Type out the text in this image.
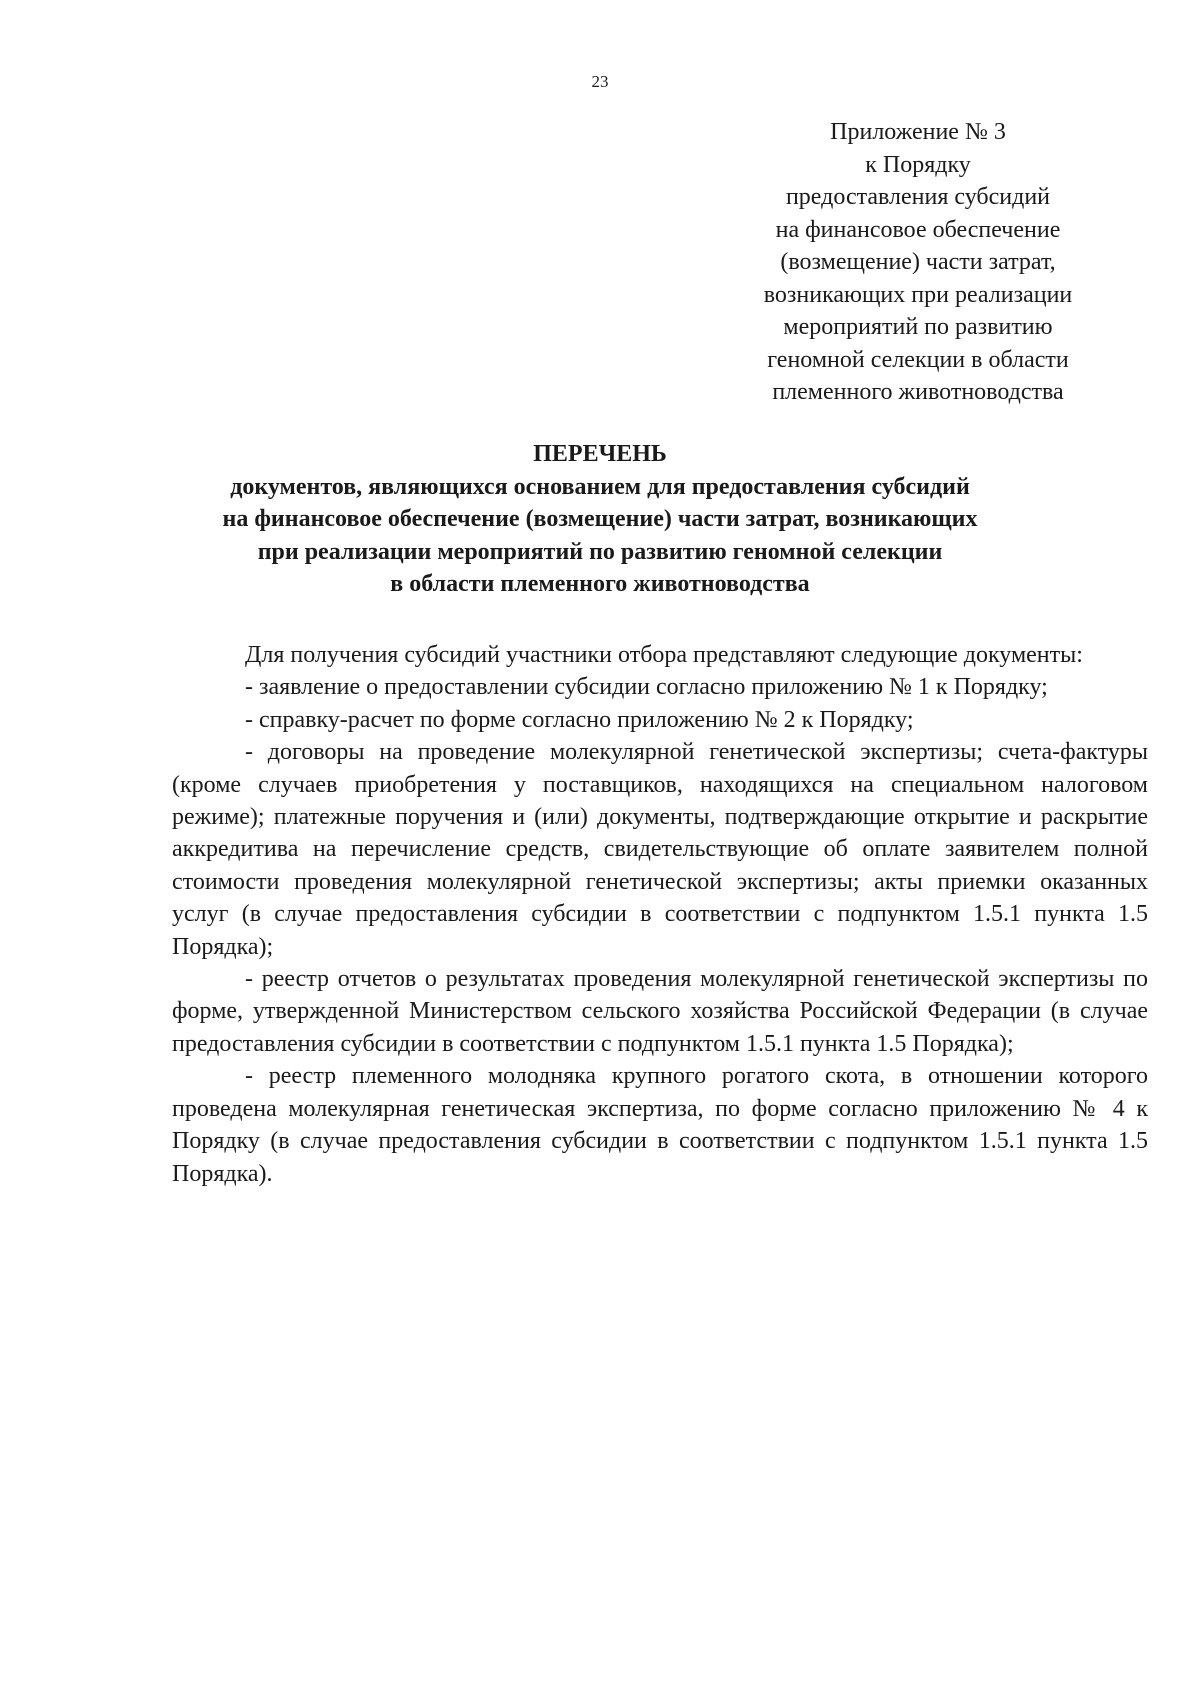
23
Приложение № 3
к Порядку
предоставления субсидий
на финансовое обеспечение
(возмещение) части затрат,
возникающих при реализации
мероприятий по развитию
геномной селекции в области
племенного животноводства
ПЕРЕЧЕНЬ
документов, являющихся основанием для предоставления субсидий
на финансовое обеспечение (возмещение) части затрат, возникающих
при реализации мероприятий по развитию геномной селекции
в области племенного животноводства

Для получения субсидий участники отбора представляют следующие документы:

- заявление о предоставлении субсидии согласно приложению № 1 к Порядку;

- справку-расчет по форме согласно приложению № 2 к Порядку;

- договоры на проведение молекулярной генетической экспертизы; счета-фактуры (кроме случаев приобретения у поставщиков, находящихся на специальном налоговом режиме); платежные поручения и (или) документы, подтверждающие открытие и раскрытие аккредитива на перечисление средств, свидетельствующие об оплате заявителем полной стоимости проведения молекулярной генетической экспертизы; акты приемки оказанных услуг (в случае предоставления субсидии в соответствии с подпунктом 1.5.1 пункта 1.5 Порядка);

- реестр отчетов о результатах проведения молекулярной генетической экспертизы по форме, утвержденной Министерством сельского хозяйства Российской Федерации (в случае предоставления субсидии в соответствии с подпунктом 1.5.1 пункта 1.5 Порядка);

- реестр племенного молодняка крупного рогатого скота, в отношении которого проведена молекулярная генетическая экспертиза, по форме согласно приложению № 4 к Порядку (в случае предоставления субсидии в соответствии с подпунктом 1.5.1 пункта 1.5 Порядка).
